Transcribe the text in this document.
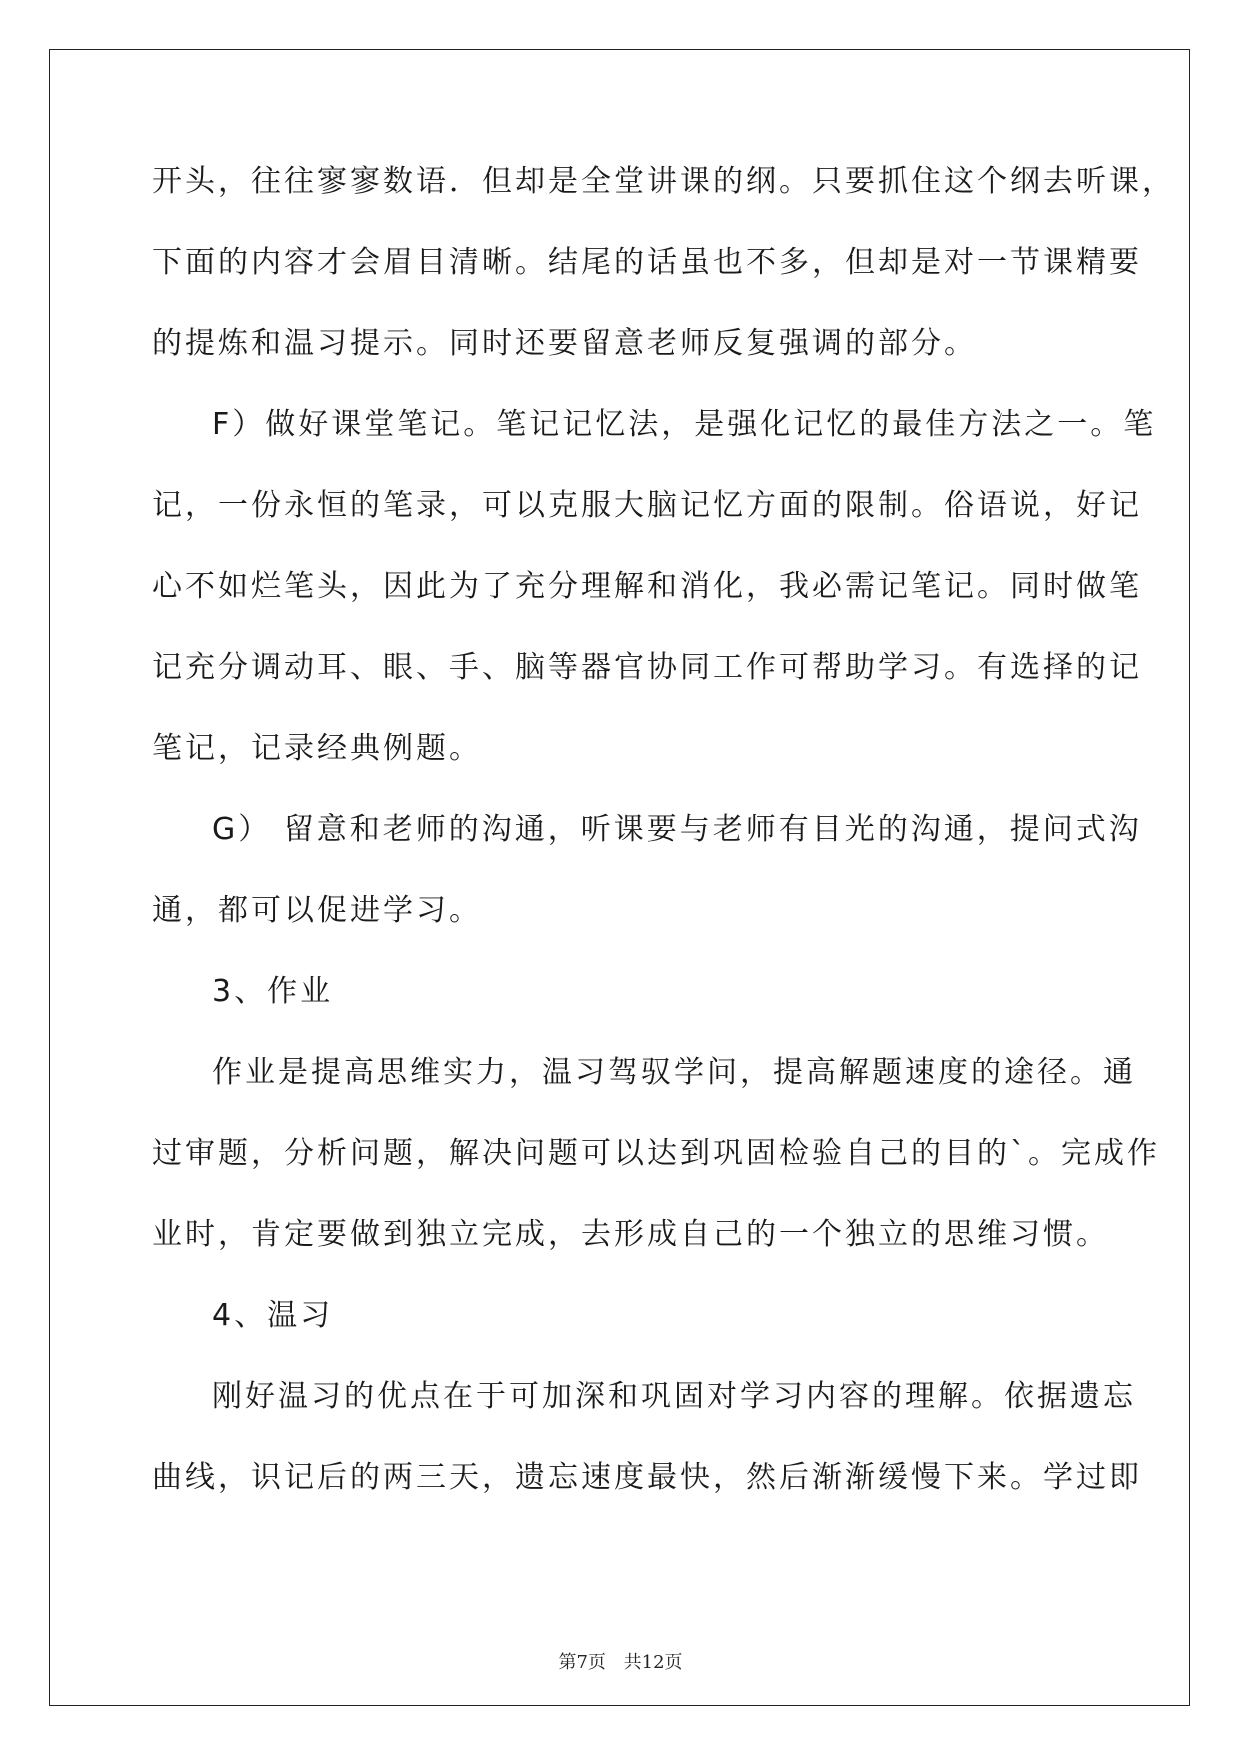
开头，往往寥寥数语．但却是全堂讲课的纲。只要抓住这个纲去听课，
下面的内容才会眉目清晰。结尾的话虽也不多，但却是对一节课精要
的提炼和温习提示。同时还要留意老师反复强调的部分。
F）做好课堂笔记。笔记记忆法，是强化记忆的最佳方法之一。笔
记，一份永恒的笔录，可以克服大脑记忆方面的限制。俗语说，好记
心不如烂笔头，因此为了充分理解和消化，我必需记笔记。同时做笔
记充分调动耳、眼、手、脑等器官协同工作可帮助学习。有选择的记
笔记，记录经典例题。
G） 留意和老师的沟通，听课要与老师有目光的沟通，提问式沟
通，都可以促进学习。
3、作业
作业是提高思维实力，温习驾驭学问，提高解题速度的途径。通
过审题，分析问题，解决问题可以达到巩固检验自己的目的`。完成作
业时，肯定要做到独立完成，去形成自己的一个独立的思维习惯。
4、温习
刚好温习的优点在于可加深和巩固对学习内容的理解。依据遗忘
曲线，识记后的两三天，遗忘速度最快，然后渐渐缓慢下来。学过即
第7页 共12页
